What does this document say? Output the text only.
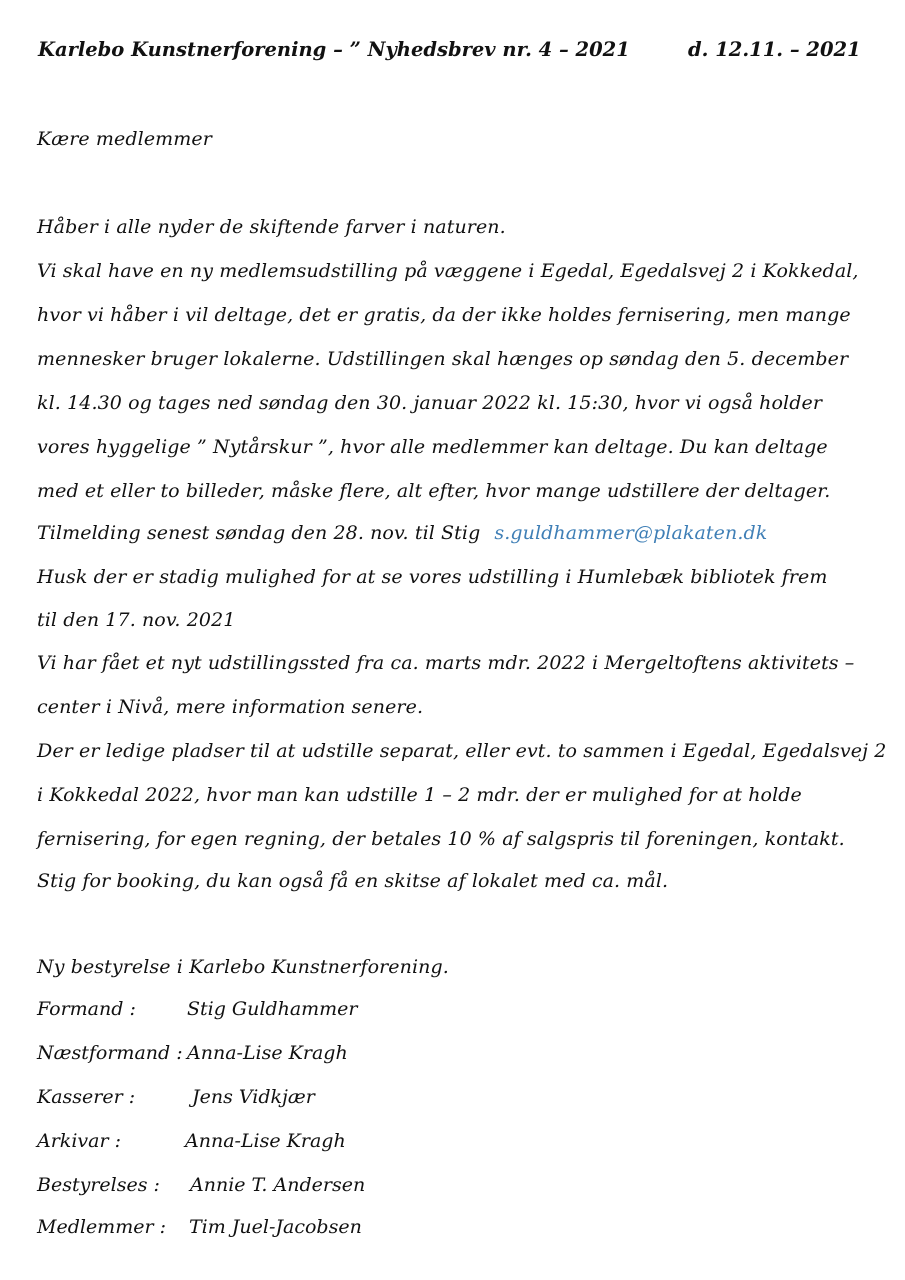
Karlebo Kunstnerforening – ” Nyhedsbrev nr. 4 – 2021	d. 12.11. – 2021
Kære medlemmer
Håber i alle nyder de skiftende farver i naturen.
Vi skal have en ny medlemsudstilling på væggene i Egedal, Egedalsvej 2 i Kokkedal,
hvor vi håber i vil deltage, det er gratis, da der ikke holdes fernisering, men mange
mennesker bruger lokalerne. Udstillingen skal hænges op søndag den 5. december
kl. 14.30 og tages ned søndag den 30. januar 2022 kl. 15:30, hvor vi også holder
vores hyggelige ” Nytårskur ”, hvor alle medlemmer kan deltage. Du kan deltage
med et eller to billeder, måske flere, alt efter, hvor mange udstillere der deltager.
Tilmelding senest søndag den 28. nov. til Stig s.guldhammer@plakaten.dk
Husk der er stadig mulighed for at se vores udstilling i Humlebæk bibliotek frem
til den 17. nov. 2021
Vi har fået et nyt udstillingssted fra ca. marts mdr. 2022 i Mergeltoftens aktivitets –
center i Nivå, mere information senere.
Der er ledige pladser til at udstille separat, eller evt. to sammen i Egedal, Egedalsvej 2
i Kokkedal 2022, hvor man kan udstille 1 – 2 mdr. der er mulighed for at holde
fernisering, for egen regning, der betales 10 % af salgspris til foreningen, kontakt.
Stig for booking, du kan også få en skitse af lokalet med ca. mål.
Ny bestyrelse i Karlebo Kunstnerforening.
Formand :	Stig Guldhammer
Næstformand : Anna-Lise Kragh
Kasserer :	Jens Vidkjær
Arkivar :	Anna-Lise Kragh
Bestyrelses : Annie T. Andersen
Medlemmer : Tim Juel-Jacobsen
